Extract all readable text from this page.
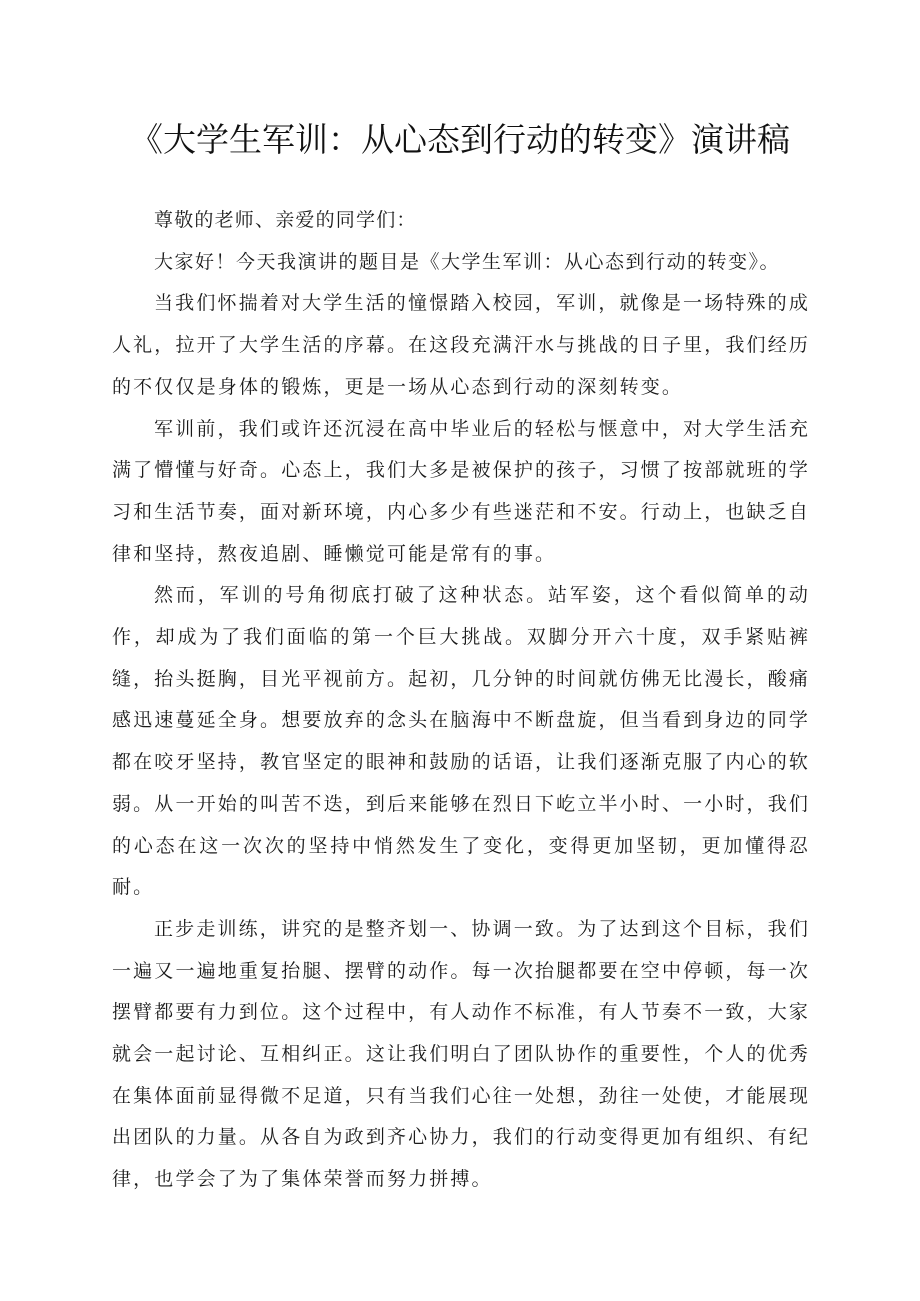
《大学生军训：从心态到行动的转变》演讲稿

尊敬的老师、亲爱的同学们：

大家好！今天我演讲的题目是《大学生军训：从心态到行动的转变》。

当我们怀揣着对大学生活的憧憬踏入校园，军训，就像是一场特殊的成人礼，拉开了大学生活的序幕。在这段充满汗水与挑战的日子里，我们经历的不仅仅是身体的锻炼，更是一场从心态到行动的深刻转变。

军训前，我们或许还沉浸在高中毕业后的轻松与惬意中，对大学生活充满了懵懂与好奇。心态上，我们大多是被保护的孩子，习惯了按部就班的学习和生活节奏，面对新环境，内心多少有些迷茫和不安。行动上，也缺乏自律和坚持，熬夜追剧、睡懒觉可能是常有的事。

然而，军训的号角彻底打破了这种状态。站军姿，这个看似简单的动作，却成为了我们面临的第一个巨大挑战。双脚分开六十度，双手紧贴裤缝，抬头挺胸，目光平视前方。起初，几分钟的时间就仿佛无比漫长，酸痛感迅速蔓延全身。想要放弃的念头在脑海中不断盘旋，但当看到身边的同学都在咬牙坚持，教官坚定的眼神和鼓励的话语，让我们逐渐克服了内心的软弱。从一开始的叫苦不迭，到后来能够在烈日下屹立半小时、一小时，我们的心态在这一次次的坚持中悄然发生了变化，变得更加坚韧，更加懂得忍耐。

正步走训练，讲究的是整齐划一、协调一致。为了达到这个目标，我们一遍又一遍地重复抬腿、摆臂的动作。每一次抬腿都要在空中停顿，每一次摆臂都要有力到位。这个过程中，有人动作不标准，有人节奏不一致，大家就会一起讨论、互相纠正。这让我们明白了团队协作的重要性，个人的优秀在集体面前显得微不足道，只有当我们心往一处想，劲往一处使，才能展现出团队的力量。从各自为政到齐心协力，我们的行动变得更加有组织、有纪律，也学会了为了集体荣誉而努力拼搏。
